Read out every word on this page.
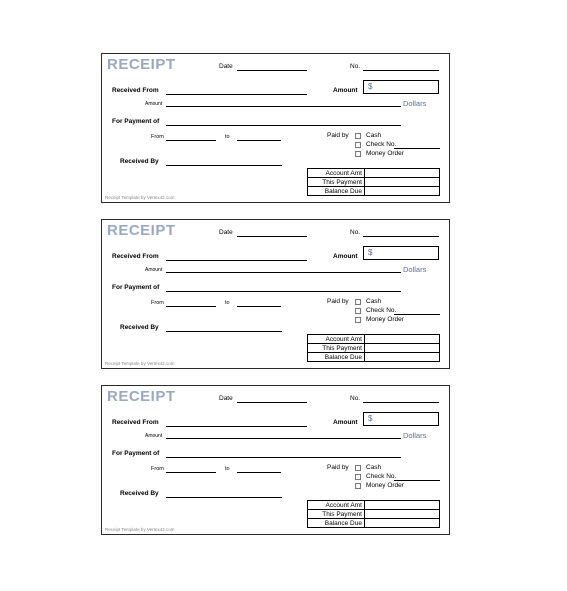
RECEIPT	Date	No.
Received From	Amount $
Amount	Dollars
For Payment of
From	to	Paid by	Cash
Check No.
Money Order
Received By
Account Amt	
This Payment	
Balance Due	
Receipt Template by Vertex42.com
RECEIPT	Date	No.
Received From	Amount $
Amount	Dollars
For Payment of
From	to	Paid by	Cash
Check No.
Money Order
Received By
Account Amt	
This Payment	
Balance Due	
Receipt Template by Vertex42.com
RECEIPT	Date	No.
Received From	Amount $
Amount	Dollars
For Payment of
From	to	Paid by	Cash
Check No.
Money Order
Received By
Account Amt	
This Payment	
Balance Due	
Receipt Template by Vertex42.com
